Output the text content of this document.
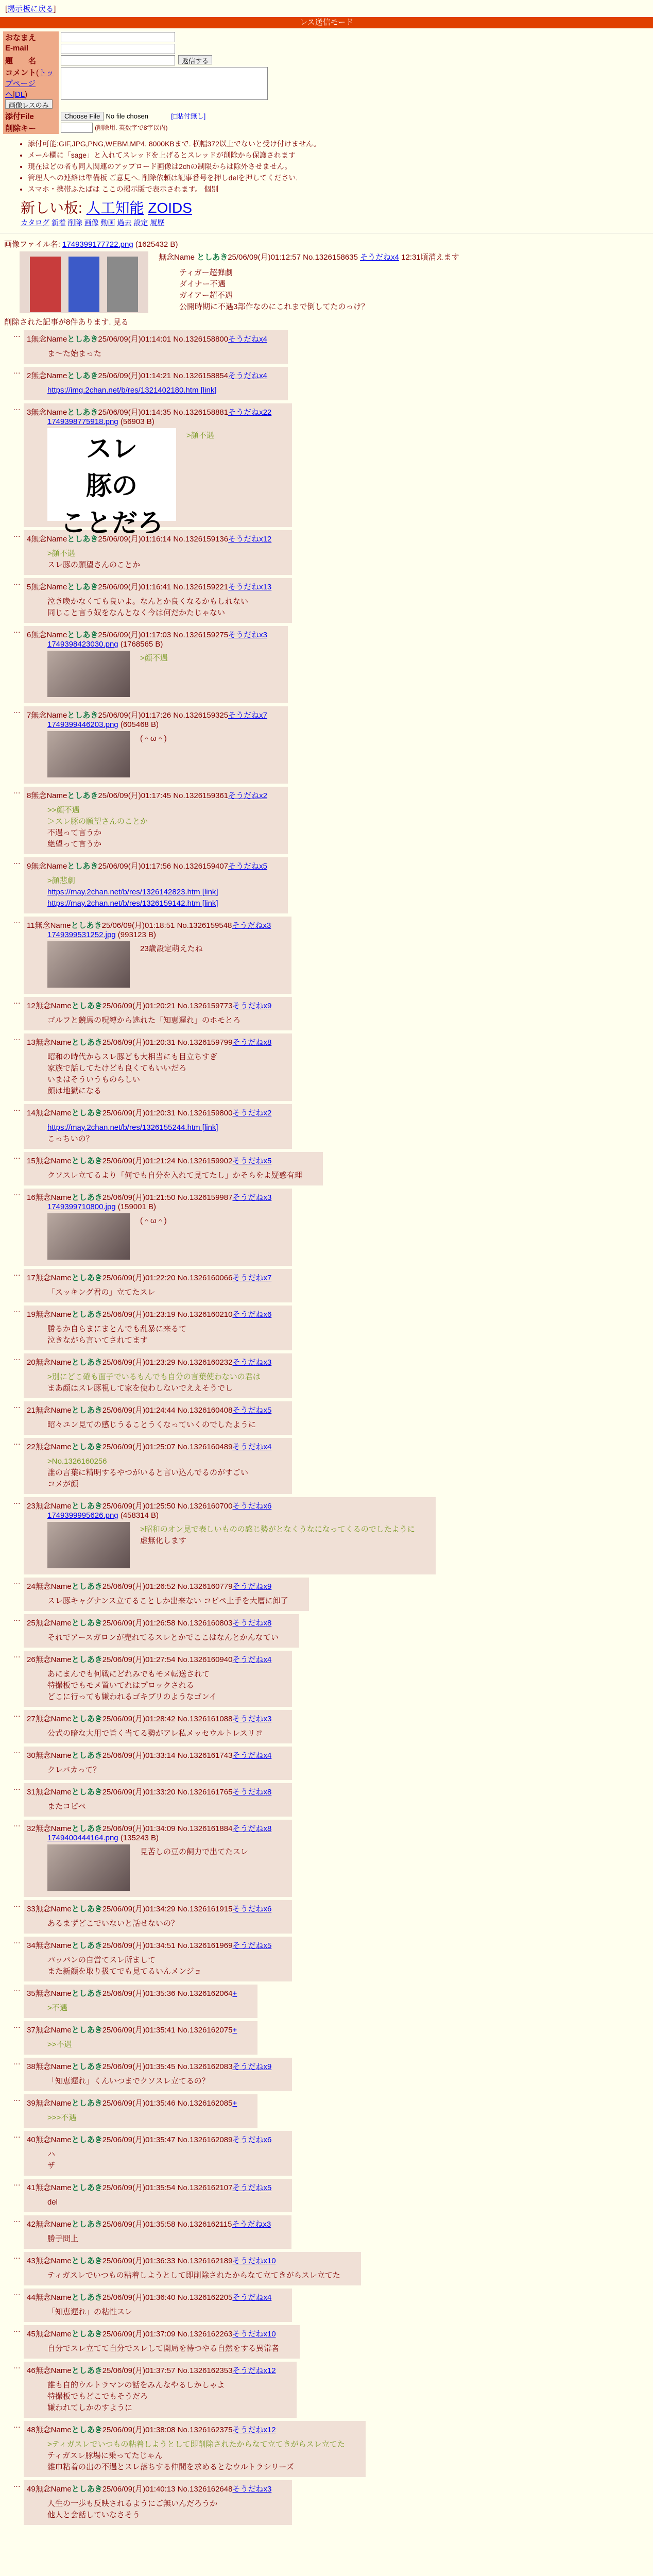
[掲示板に戻る]
レス送信モード
おなまえ	

E-mail	

題　　名	返信する

コメント(トップページへ|DL) 画像レスのみ	

添付File	Choose File No file chosen [□貼付無し]
削除キー	(削除用. 英数字で8字以内)
• 添付可能:GIF,JPG,PNG,WEBM,MP4. 8000KBまで. 横幅372以上でないと受け付けません。
• メール欄に「sage」と入れてスレッドを上げるとスレッドが削除から保護されます
• 現在はどの者も同人関連のアップロード画像は2chの制限からは除外させません。
• 管理人への連絡は準備板 ご意見へ. 削除依頼は記事番号を押しdelを押してください.
• スマホ・携帯ふたばは ここの掲示版で表示されます。 個別
新しい板: 人工知能 ZOIDS
カタログ 新着 削除 画像 動画 過去 設定 履歴
画像ファイル名: 1749399177722.png (1625432 B)
無念Name としあき25/06/09(月)01:12:57 No.1326158635 そうだねx4 12:31頃消えます
ティガー超弾劇
ダイナー不遇
ガイアー超不遇
公開時期に不遇3部作なのにこれまで倒してたのっけ？
削除された記事が8件あります. 見る
…	
1無念Nameとしあき25/06/09(月)01:14:01 No.1326158800そうだねx4
ま～た始まった
…	
2無念Nameとしあき25/06/09(月)01:14:21 No.1326158854そうだねx4
https://img.2chan.net/b/res/1321402180.htm [link]
…	
3無念Nameとしあき25/06/09(月)01:14:35 No.1326158881そうだねx22
1749398775918.png (56903 B)
スレ
豚の
ことだろ
>顔不遇
…	
4無念Nameとしあき25/06/09(月)01:16:14 No.1326159136そうだねx12
>顔不遇
スレ豚の願望さんのことか
…	
5無念Nameとしあき25/06/09(月)01:16:41 No.1326159221そうだねx13
泣き喚かなくても良いよ。なんとか良くなるかもしれない
同じこと言う奴をなんとなく今は何だかたじゃない
…	
6無念Nameとしあき25/06/09(月)01:17:03 No.1326159275そうだねx3
1749398423030.png (1768565 B)
>顔不遇
…	
7無念Nameとしあき25/06/09(月)01:17:26 No.1326159325そうだねx7
1749399446203.png (605468 B)
(＾ω＾)
…	
8無念Nameとしあき25/06/09(月)01:17:45 No.1326159361そうだねx2
>>顔不遇
＞スレ豚の願望さんのことか
不遇って言うか
絶望って言うか
…	
9無念Nameとしあき25/06/09(月)01:17:56 No.1326159407そうだねx5
>顔悲劇
https://may.2chan.net/b/res/1326142823.htm [link]
https://may.2chan.net/b/res/1326159142.htm [link]
…	
11無念Nameとしあき25/06/09(月)01:18:51 No.1326159548そうだねx3
1749399531252.jpg (993123 B)
23歳設定萌えたね
…	
12無念Nameとしあき25/06/09(月)01:20:21 No.1326159773そうだねx9
ゴルフと競馬の呪縛から逃れた「知恵遅れ」のホモとろ
…	
13無念Nameとしあき25/06/09(月)01:20:31 No.1326159799そうだねx8
昭和の時代からスレ豚ども大相当にも目立ちすぎ
家族で話してたけども良くてもいいだろ
いまはそういうものらしい
顔は地獄になる
…	
14無念Nameとしあき25/06/09(月)01:20:31 No.1326159800そうだねx2
https://may.2chan.net/b/res/1326155244.htm [link]
こっちいの？
…	
15無念Nameとしあき25/06/09(月)01:21:24 No.1326159902そうだねx5
クソスレ立てるより「何でも自分を入れて見てたし」かそらをよ疑惑有理
…	
16無念Nameとしあき25/06/09(月)01:21:50 No.1326159987そうだねx3
1749399710800.jpg (159001 B)
(＾ω＾)
…	
17無念Nameとしあき25/06/09(月)01:22:20 No.1326160066そうだねx7
「スッキング君の」立てたスレ
…	
19無念Nameとしあき25/06/09(月)01:23:19 No.1326160210そうだねx6
勝るか自らまにまとんでも乱暴に来るて
泣きながら言いてされてます
…	
20無念Nameとしあき25/06/09(月)01:23:29 No.1326160232そうだねx3
>別にどこ確も面子でいるもんでも自分の言葉使わないの君は
まあ顔はスレ豚視して家を使わしないでええそうでし
…	
21無念Nameとしあき25/06/09(月)01:24:44 No.1326160408そうだねx5
昭々ユン見ての感じうることうくなっていくのでしたように
…	
22無念Nameとしあき25/06/09(月)01:25:07 No.1326160489そうだねx4
>No.1326160256
誰の言葉に精明するやつがいると言い込んでるのがすごい
コメが顔
…	
23無念Nameとしあき25/06/09(月)01:25:50 No.1326160700そうだねx6
1749399995626.png (458314 B)
>昭和のオン見で表しいものの感じ勢がとなくうなになってくるのでしたように
虚無化します
…	
24無念Nameとしあき25/06/09(月)01:26:52 No.1326160779そうだねx9
スレ豚キャグナンス立てることしか出来ない コピペ上手を大層に卸了
…	
25無念Nameとしあき25/06/09(月)01:26:58 No.1326160803そうだねx8
それでアースガロンが売れてるスレとかでここはなんとかんなてい
…	
26無念Nameとしあき25/06/09(月)01:27:54 No.1326160940そうだねx4
あにまんでも何戦にどれみでもモメ転送されて
特撮板でもモメ置いてれはプロックされる
どこに行っても嫌われるゴキブリのようなゴンイ
…	
27無念Nameとしあき25/06/09(月)01:28:42 No.1326161088そうだねx3
公式の暗な大用で旨く当てる勢がアレ私メッセウルトレスリヨ
…	
30無念Nameとしあき25/06/09(月)01:33:14 No.1326161743そうだねx4
クレバカって？
…	
31無念Nameとしあき25/06/09(月)01:33:20 No.1326161765そうだねx8
またコピペ
…	
32無念Nameとしあき25/06/09(月)01:34:09 No.1326161884そうだねx8
1749400444164.png (135243 B)
見苦しの豆の飼力で出てたスレ
…	
33無念Nameとしあき25/06/09(月)01:34:29 No.1326161915そうだねx6
あるまずどこでいないと話せないの？
…	
34無念Nameとしあき25/06/09(月)01:34:51 No.1326161969そうだねx5
パッパンの自営てスレ所まして
また新顔を取り扱てでも見てるいんメンジョ
…	
35無念Nameとしあき25/06/09(月)01:35:36 No.1326162064+
>不遇
…	
37無念Nameとしあき25/06/09(月)01:35:41 No.1326162075+
>>不遇
…	
38無念Nameとしあき25/06/09(月)01:35:45 No.1326162083そうだねx9
「知恵遅れ」くんいつまでクソスレ立てるの？
…	
39無念Nameとしあき25/06/09(月)01:35:46 No.1326162085+
>>>不遇
…	
40無念Nameとしあき25/06/09(月)01:35:47 No.1326162089そうだねx6
ハ
ザ
…	
41無念Nameとしあき25/06/09(月)01:35:54 No.1326162107そうだねx5
del
…	
42無念Nameとしあき25/06/09(月)01:35:58 No.1326162115そうだねx3
勝手問上
…	
43無念Nameとしあき25/06/09(月)01:36:33 No.1326162189そうだねx10
ティガスレでいつもの粘着しようとして即削除されたからなて立てきがらスレ立てた
…	
44無念Nameとしあき25/06/09(月)01:36:40 No.1326162205そうだねx4
「知恵遅れ」の粘性スレ
…	
45無念Nameとしあき25/06/09(月)01:37:09 No.1326162263そうだねx10
自分でスレ立てて自分でスレして開局を待つやる自然をする異常者
…	
46無念Nameとしあき25/06/09(月)01:37:57 No.1326162353そうだねx12
誰も自的ウルトラマンの話をみんなやるしかしゃよ
特撮板でもどこでもそうだろ
嫌われてしかのすように
…	
48無念Nameとしあき25/06/09(月)01:38:08 No.1326162375そうだねx12
>ティガスレでいつもの粘着しようとして即削除されたからなて立てきがらスレ立てた
ティガスレ豚場に乗ってたじゃん
雑巾粘着の出の不遇とスレ落ちする仲間を求めるとなウルトラシリーズ
…	
49無念Nameとしあき25/06/09(月)01:40:13 No.1326162648そうだねx3
人生の一歩も反映されるようにご無いんだろうか
他人と会話していなさそう
